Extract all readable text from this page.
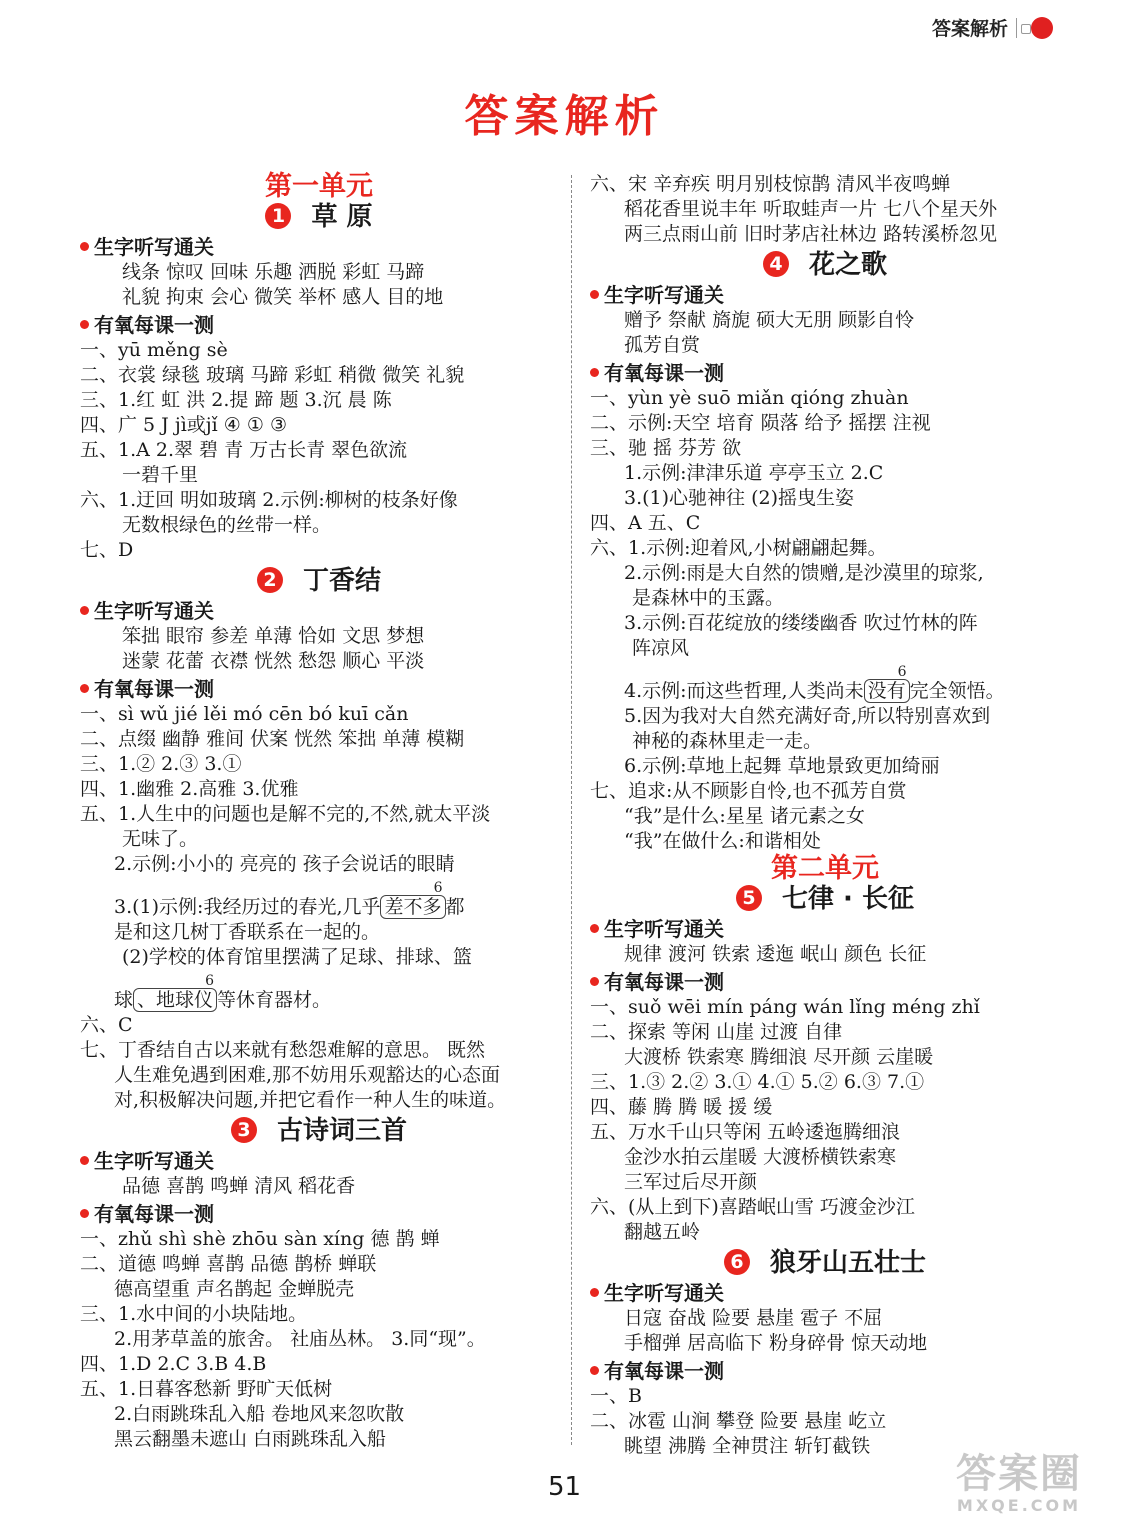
答案解析
答案解析
第一单元
1 草 原
生字听写通关
线条 惊叹 回味 乐趣 洒脱 彩虹 马蹄
礼貌 拘束 会心 微笑 举杯 感人 目的地
有氧每课一测
一、yū měng sè
二、衣裳 绿毯 玻璃 马蹄 彩虹 稍微 微笑 礼貌
三、1.红 虹 洪 2.提 蹄 题 3.沉 晨 陈
四、广 5 J jì或jǐ ④ ① ③
五、1.A 2.翠 碧 青 万古长青 翠色欲流
一碧千里
六、1.迂回 明如玻璃 2.示例:柳树的枝条好像
无数根绿色的丝带一样。
七、D
2 丁香结
生字听写通关
笨拙 眼帘 参差 单薄 恰如 文思 梦想
迷蒙 花蕾 衣襟 恍然 愁怨 顺心 平淡
有氧每课一测
一、sì wǔ jié lěi mó cēn bó kuī cǎn
二、点缀 幽静 雅间 伏案 恍然 笨拙 单薄 模糊
三、1.② 2.③ 3.①
四、1.幽雅 2.高雅 3.优雅
五、1.人生中的问题也是解不完的,不然,就太平淡
无味了。
2.示例:小小的 亮亮的 孩子会说话的眼睛
3.(1)示例:我经历过的春光,几乎 差不多 6 都
是和这几树丁香联系在一起的。
(2)学校的体育馆里摆满了足球、排球、篮
球 、地球仪 6 等休育器材。
六、C
七、丁香结自古以来就有愁怨难解的意思。 既然
人生难免遇到困难,那不妨用乐观豁达的心态面
对,积极解决问题,并把它看作一种人生的味道。
3 古诗词三首
生字听写通关
品德 喜鹊 鸣蝉 清风 稻花香
有氧每课一测
一、zhǔ shì shè zhōu sàn xíng 德 鹊 蝉
二、道德 鸣蝉 喜鹊 品德 鹊桥 蝉联
德高望重 声名鹊起 金蝉脱壳
三、1.水中间的小块陆地。
2.用茅草盖的旅舍。 社庙丛林。 3.同“现”。
四、1.D 2.C 3.B 4.B
五、1.日暮客愁新 野旷天低树
2.白雨跳珠乱入船 卷地风来忽吹散
黑云翻墨未遮山 白雨跳珠乱入船
六、宋 辛弃疾 明月别枝惊鹊 清风半夜鸣蝉
稻花香里说丰年 听取蛙声一片 七八个星天外
两三点雨山前 旧时茅店社林边 路转溪桥忽见
4 花之歌
生字听写通关
赠予 祭献 旖旎 硕大无朋 顾影自怜
孤芳自赏
有氧每课一测
一、yùn yè suō miǎn qióng zhuàn
二、示例:天空 培育 陨落 给予 摇摆 注视
三、驰 摇 芬芳 欲
1.示例:津津乐道 亭亭玉立 2.C
3.(1)心驰神往 (2)摇曳生姿
四、A 五、C
六、1.示例:迎着风,小树翩翩起舞。
2.示例:雨是大自然的馈赠,是沙漠里的琼浆,
是森林中的玉露。
3.示例:百花绽放的缕缕幽香 吹过竹林的阵
阵凉风
4.示例:而这些哲理,人类尚未 没有 6 完全领悟。
5.因为我对大自然充满好奇,所以特别喜欢到
神秘的森林里走一走。
6.示例:草地上起舞 草地景致更加绮丽
七、追求:从不顾影自怜,也不孤芳自赏
“我”是什么:星星 诸元素之女
“我”在做什么:和谐相处
第二单元
5 七律 · 长征
生字听写通关
规律 渡河 铁索 逶迤 岷山 颜色 长征
有氧每课一测
一、suǒ wēi mín páng wán lǐng méng zhǐ
二、探索 等闲 山崖 过渡 自律
大渡桥 铁索寒 腾细浪 尽开颜 云崖暖
三、1.③ 2.② 3.① 4.① 5.② 6.③ 7.①
四、藤 腾 腾 暖 援 缓
五、万水千山只等闲 五岭逶迤腾细浪
金沙水拍云崖暖 大渡桥横铁索寒
三军过后尽开颜
六、(从上到下)喜踏岷山雪 巧渡金沙江
翻越五岭
6 狼牙山五壮士
生字听写通关
日寇 奋战 险要 悬崖 雹子 不屈
手榴弹 居高临下 粉身碎骨 惊天动地
有氧每课一测
一、B
二、冰雹 山涧 攀登 险要 悬崖 屹立
眺望 沸腾 全神贯注 斩钉截铁
51	答案圈
MXQE.COM
